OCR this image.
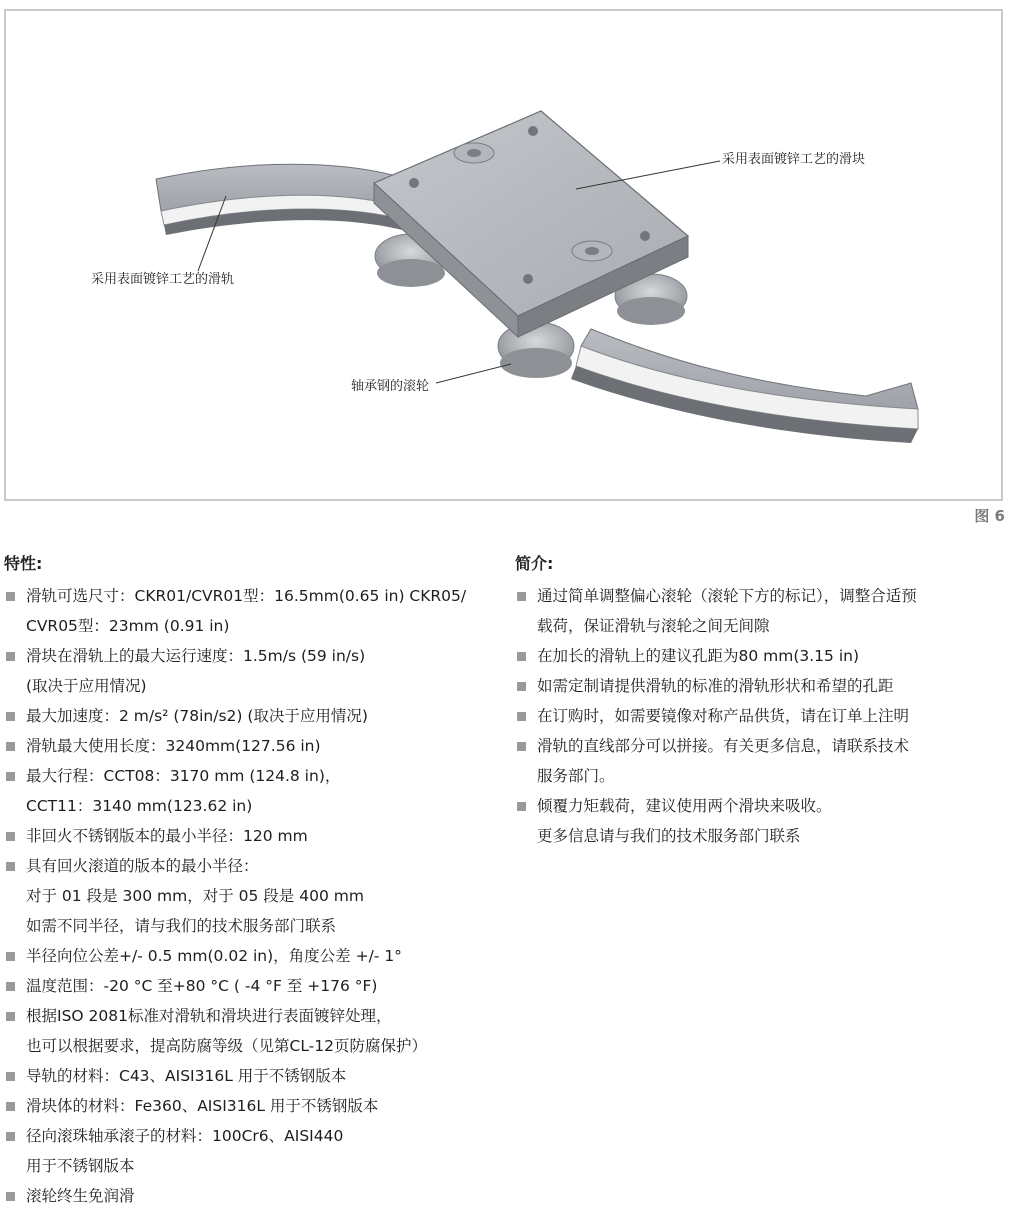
采用表面镀锌工艺的滑块
采用表面镀锌工艺的滑轨
轴承钢的滚轮
图 6
特性:
滑轨可选尺寸：CKR01/CVR01型：16.5mm(0.65 in) CKR05/
CVR05型：23mm (0.91 in)
滑块在滑轨上的最大运行速度：1.5m/s (59 in/s)
(取决于应用情况)
最大加速度：2 m/s² (78in/s2) (取决于应用情况)
滑轨最大使用长度：3240mm(127.56 in)
最大行程：CCT08：3170 mm (124.8 in)，
CCT11：3140 mm(123.62 in)
非回火不锈钢版本的最小半径：120 mm
具有回火滚道的版本的最小半径：
对于 01 段是 300 mm，对于 05 段是 400 mm
如需不同半径，请与我们的技术服务部门联系
半径向位公差+/- 0.5 mm(0.02 in)，角度公差 +/- 1°
温度范围：-20 °C 至+80 °C ( -4 °F 至 +176 °F)
根据ISO 2081标准对滑轨和滑块进行表面镀锌处理，
也可以根据要求，提高防腐等级（见第CL-12页防腐保护）
导轨的材料：C43、AISI316L 用于不锈钢版本
滑块体的材料：Fe360、AISI316L 用于不锈钢版本
径向滚珠轴承滚子的材料：100Cr6、AISI440
用于不锈钢版本
滚轮终生免润滑
简介:
通过简单调整偏心滚轮（滚轮下方的标记），调整合适预
载荷，保证滑轨与滚轮之间无间隙
在加长的滑轨上的建议孔距为80 mm(3.15 in)
如需定制请提供滑轨的标准的滑轨形状和希望的孔距
在订购时，如需要镜像对称产品供货，请在订单上注明
滑轨的直线部分可以拼接。有关更多信息，请联系技术
服务部门。
倾覆力矩载荷，建议使用两个滑块来吸收。
更多信息请与我们的技术服务部门联系
